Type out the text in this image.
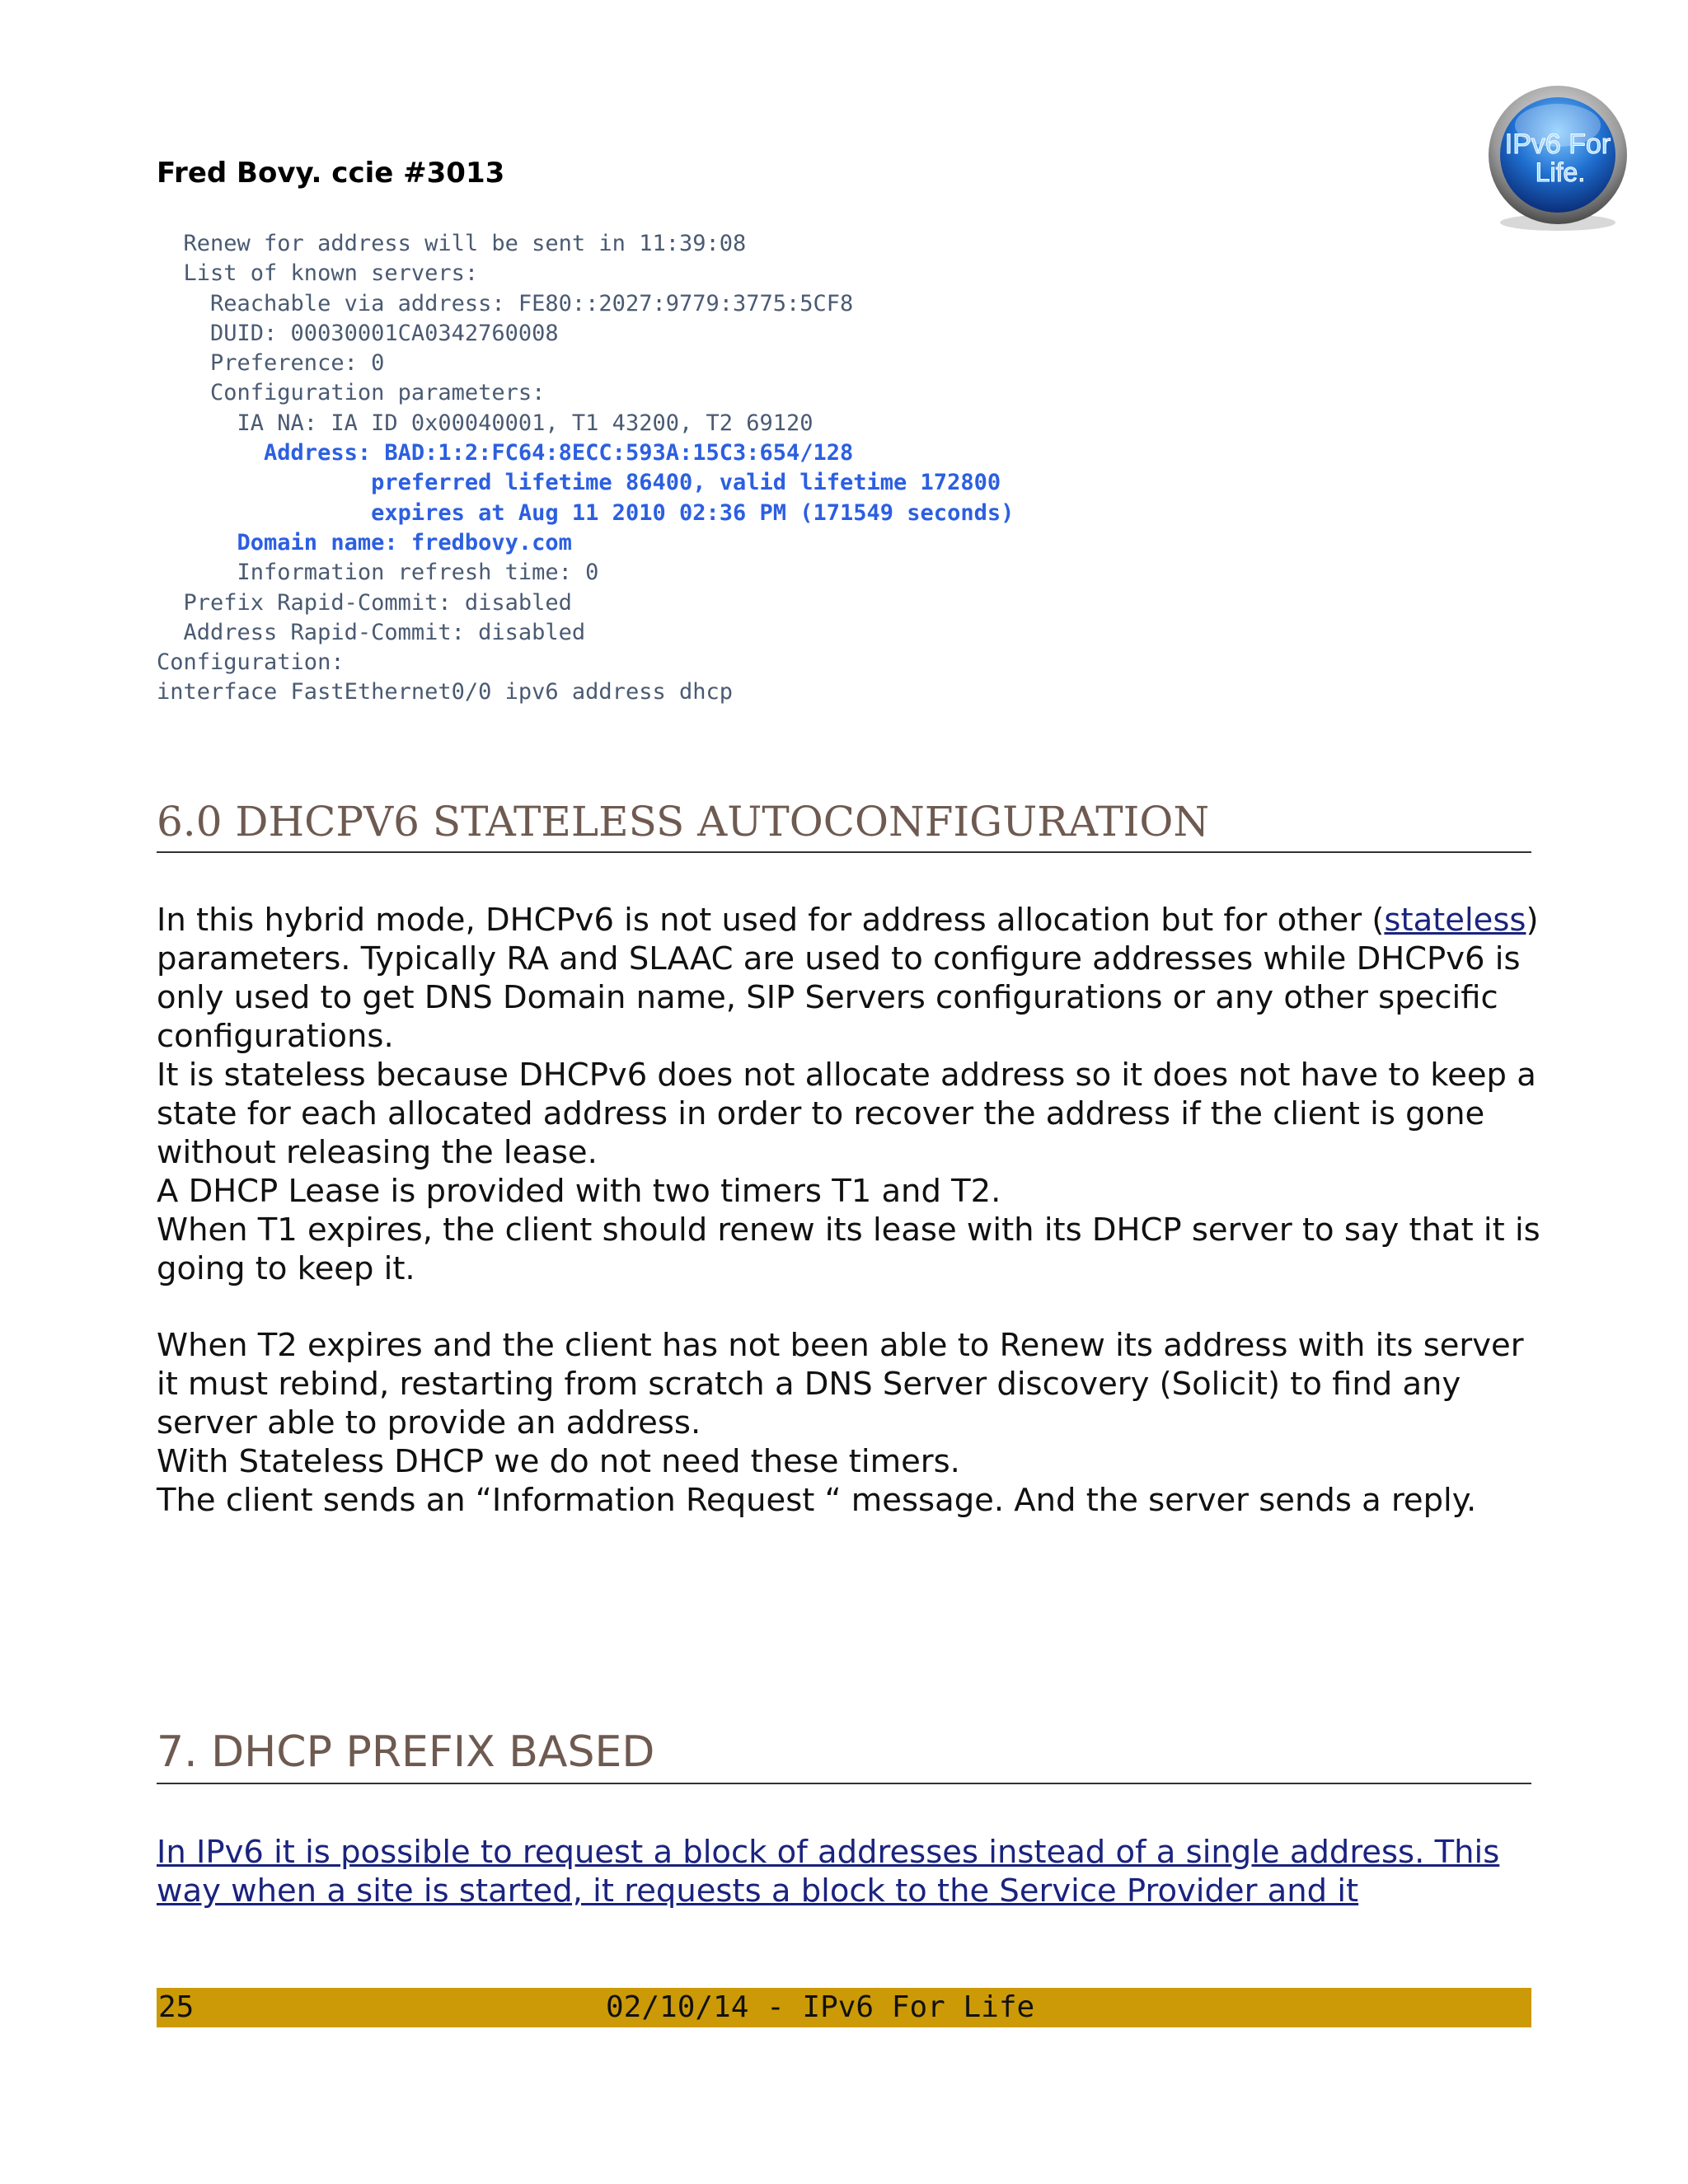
Fred Bovy. ccie #3013
IPv6 For
Life.
Renew for address will be sent in 11:39:08
List of known servers:
Reachable via address: FE80::2027:9779:3775:5CF8
DUID: 00030001CA0342760008
Preference: 0
Configuration parameters:
IA NA: IA ID 0x00040001, T1 43200, T2 69120
Address: BAD:1:2:FC64:8ECC:593A:15C3:654/128
preferred lifetime 86400, valid lifetime 172800
expires at Aug 11 2010 02:36 PM (171549 seconds)
Domain name: fredbovy.com
Information refresh time: 0
Prefix Rapid-Commit: disabled
Address Rapid-Commit: disabled
Configuration:
interface FastEthernet0/0 ipv6 address dhcp
6.0 DHCPV6 STATELESS AUTOCONFIGURATION
In this hybrid mode, DHCPv6 is not used for address allocation but for other (stateless) parameters. Typically RA and SLAAC are used to configure addresses while DHCPv6 is only used to get DNS Domain name, SIP Servers configurations or any other specific configurations.
It is stateless because DHCPv6 does not allocate address so it does not have to keep a state for each allocated address in order to recover the address if the client is gone without releasing the lease.
A DHCP Lease is provided with two timers T1 and T2.
When T1 expires, the client should renew its lease with its DHCP server to say that it is going to keep it.
When T2 expires and the client has not been able to Renew its address with its server it must rebind, restarting from scratch a DNS Server discovery (Solicit) to find any server able to provide an address.
With Stateless DHCP we do not need these timers.
The client sends an “Information Request “ message. And the server sends a reply.
7. DHCP PREFIX BASED
In IPv6 it is possible to request a block of addresses instead of a single address. This way when a site is started, it requests a block to the Service Provider and it
25	02/10/14 - IPv6 For Life
